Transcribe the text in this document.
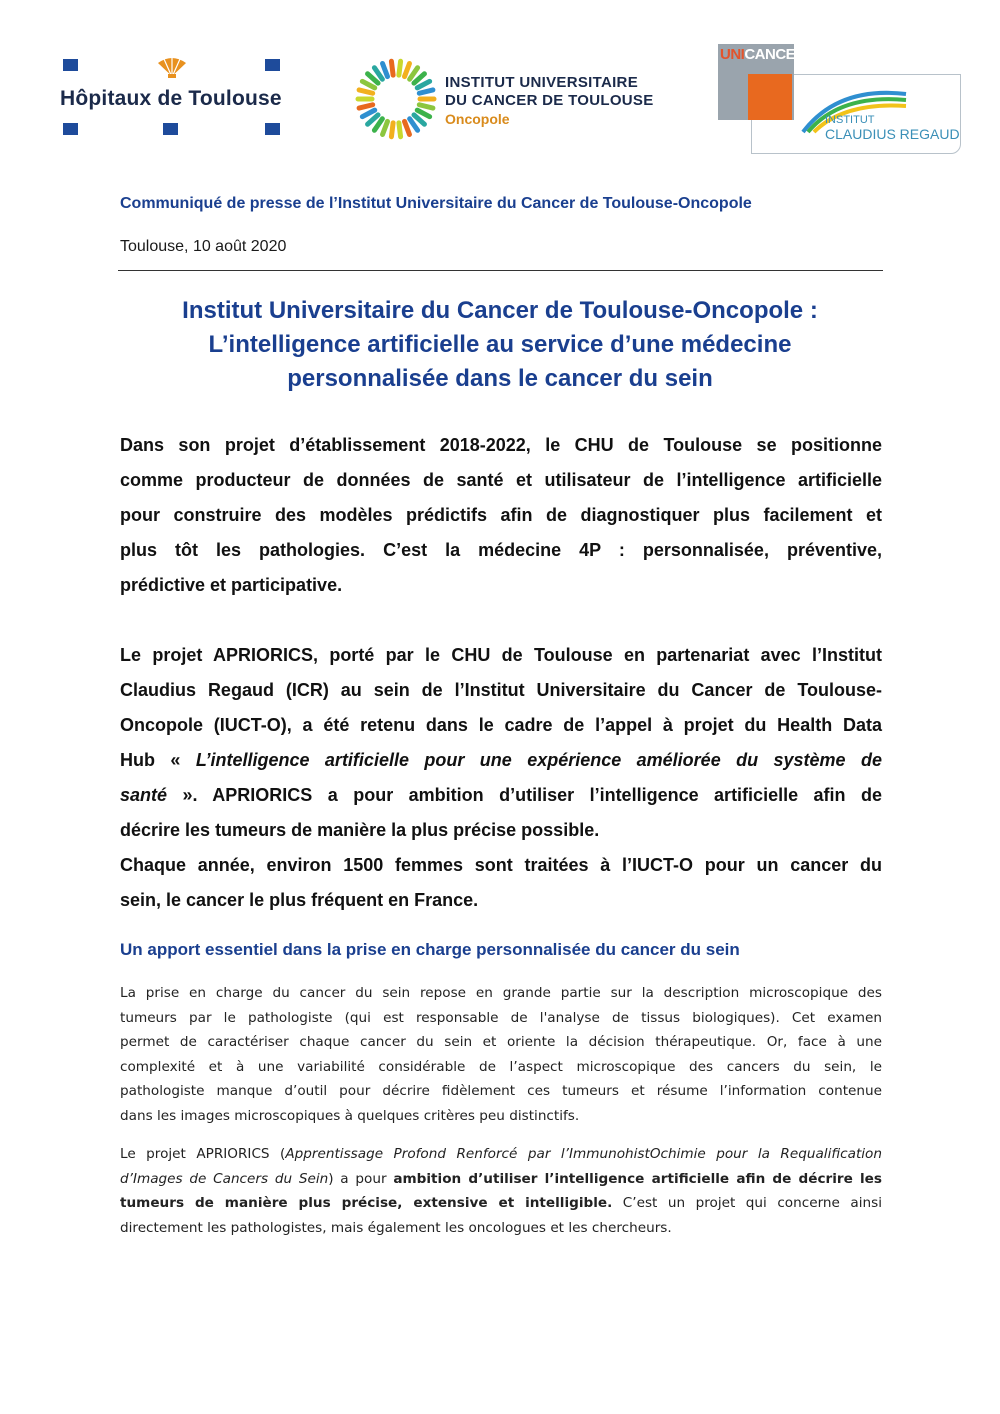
Hôpitaux de Toulouse
INSTITUT UNIVERSITAIRE
DU CANCER DE TOULOUSE
Oncopole
UNICANCER
INSTITUT
CLAUDIUS REGAUD
Communiqué de presse de l’Institut Universitaire du Cancer de Toulouse-Oncopole
Toulouse, 10 août 2020
Institut Universitaire du Cancer de Toulouse-Oncopole :
L’intelligence artificielle au service d’une médecine
personnalisée dans le cancer du sein
Dans son projet d’établissement 2018-2022, le CHU de Toulouse se positionne
comme producteur de données de santé et utilisateur de l’intelligence artificielle
pour construire des modèles prédictifs afin de diagnostiquer plus facilement et
plus tôt les pathologies. C’est la médecine 4P : personnalisée, préventive,
prédictive et participative.
Le projet APRIORICS, porté par le CHU de Toulouse en partenariat avec l’Institut
Claudius Regaud (ICR) au sein de l’Institut Universitaire du Cancer de Toulouse-
Oncopole (IUCT-O), a été retenu dans le cadre de l’appel à projet du Health Data
Hub « L’intelligence artificielle pour une expérience améliorée du système de
santé ». APRIORICS a pour ambition d’utiliser l’intelligence artificielle afin de
décrire les tumeurs de manière la plus précise possible.
Chaque année, environ 1500 femmes sont traitées à l’IUCT-O pour un cancer du
sein, le cancer le plus fréquent en France.
Un apport essentiel dans la prise en charge personnalisée du cancer du sein
La prise en charge du cancer du sein repose en grande partie sur la description microscopique des
tumeurs par le pathologiste (qui est responsable de l'analyse de tissus biologiques). Cet examen
permet de caractériser chaque cancer du sein et oriente la décision thérapeutique. Or, face à une
complexité et à une variabilité considérable de l’aspect microscopique des cancers du sein, le
pathologiste manque d’outil pour décrire fidèlement ces tumeurs et résume l’information contenue
dans les images microscopiques à quelques critères peu distinctifs.
Le projet APRIORICS (Apprentissage Profond Renforcé par l’ImmunohistOchimie pour la Requalification
d’Images de Cancers du Sein) a pour ambition d’utiliser l’intelligence artificielle afin de décrire les
tumeurs de manière plus précise, extensive et intelligible. C’est un projet qui concerne ainsi
directement les pathologistes, mais également les oncologues et les chercheurs.
